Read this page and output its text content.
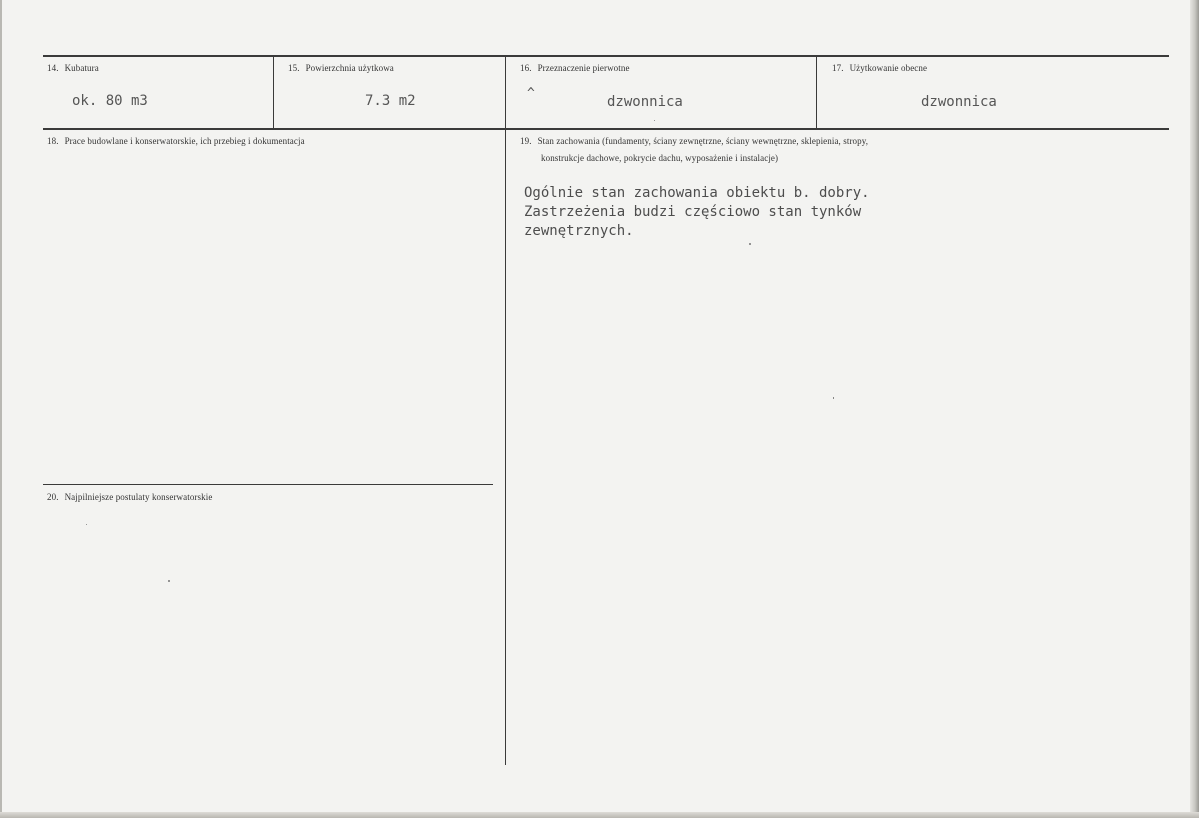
14. Kubatura
ok. 80 m3
15. Powierzchnia użytkowa
7.3 m2
16. Przeznaczenie pierwotne
^
dzwonnica
17. Użytkowanie obecne
dzwonnica
18. Prace budowlane i konserwatorskie, ich przebieg i dokumentacja	19. Stan zachowania (fundamenty, ściany zewnętrzne, ściany wewnętrzne, sklepienia, stropy,
konstrukcje dachowe, pokrycie dachu, wyposażenie i instalacje)
Ogólnie stan zachowania obiektu b. dobry.
Zastrzeżenia budzi częściowo stan tynków
zewnętrznych.
20. Najpilniejsze postulaty konserwatorskie
